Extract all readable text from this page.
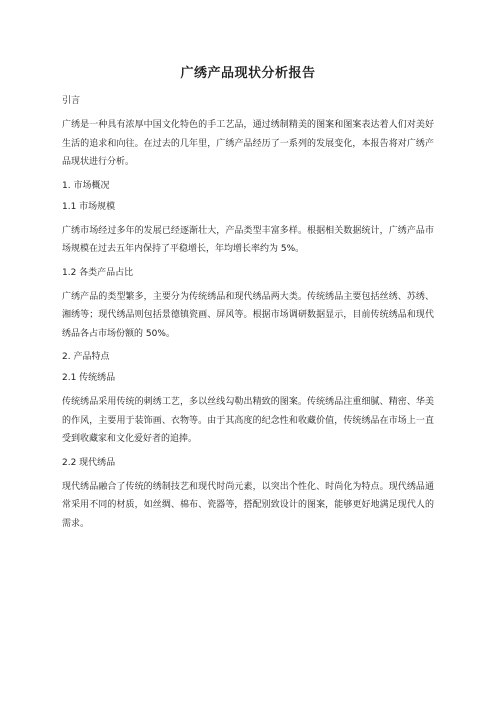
广绣产品现状分析报告
引言
广绣是一种具有浓厚中国文化特色的手工艺品，通过绣制精美的图案和图案表达着人们对美好生活的追求和向往。在过去的几年里，广绣产品经历了一系列的发展变化，本报告将对广绣产品现状进行分析。
1. 市场概况
1.1 市场规模
广绣市场经过多年的发展已经逐渐壮大，产品类型丰富多样。根据相关数据统计，广绣产品市场规模在过去五年内保持了平稳增长，年均增长率约为 5%。
1.2 各类产品占比
广绣产品的类型繁多，主要分为传统绣品和现代绣品两大类。传统绣品主要包括丝绣、苏绣、湘绣等；现代绣品则包括景德镇瓷画、屏风等。根据市场调研数据显示，目前传统绣品和现代绣品各占市场份额的 50%。
2. 产品特点
2.1 传统绣品
传统绣品采用传统的刺绣工艺，多以丝线勾勒出精致的图案。传统绣品注重细腻、精密、华美的作风，主要用于装饰画、衣物等。由于其高度的纪念性和收藏价值，传统绣品在市场上一直受到收藏家和文化爱好者的追捧。
2.2 现代绣品
现代绣品融合了传统的绣制技艺和现代时尚元素，以突出个性化、时尚化为特点。现代绣品通常采用不同的材质，如丝绸、棉布、瓷器等，搭配别致设计的图案，能够更好地满足现代人的需求。
